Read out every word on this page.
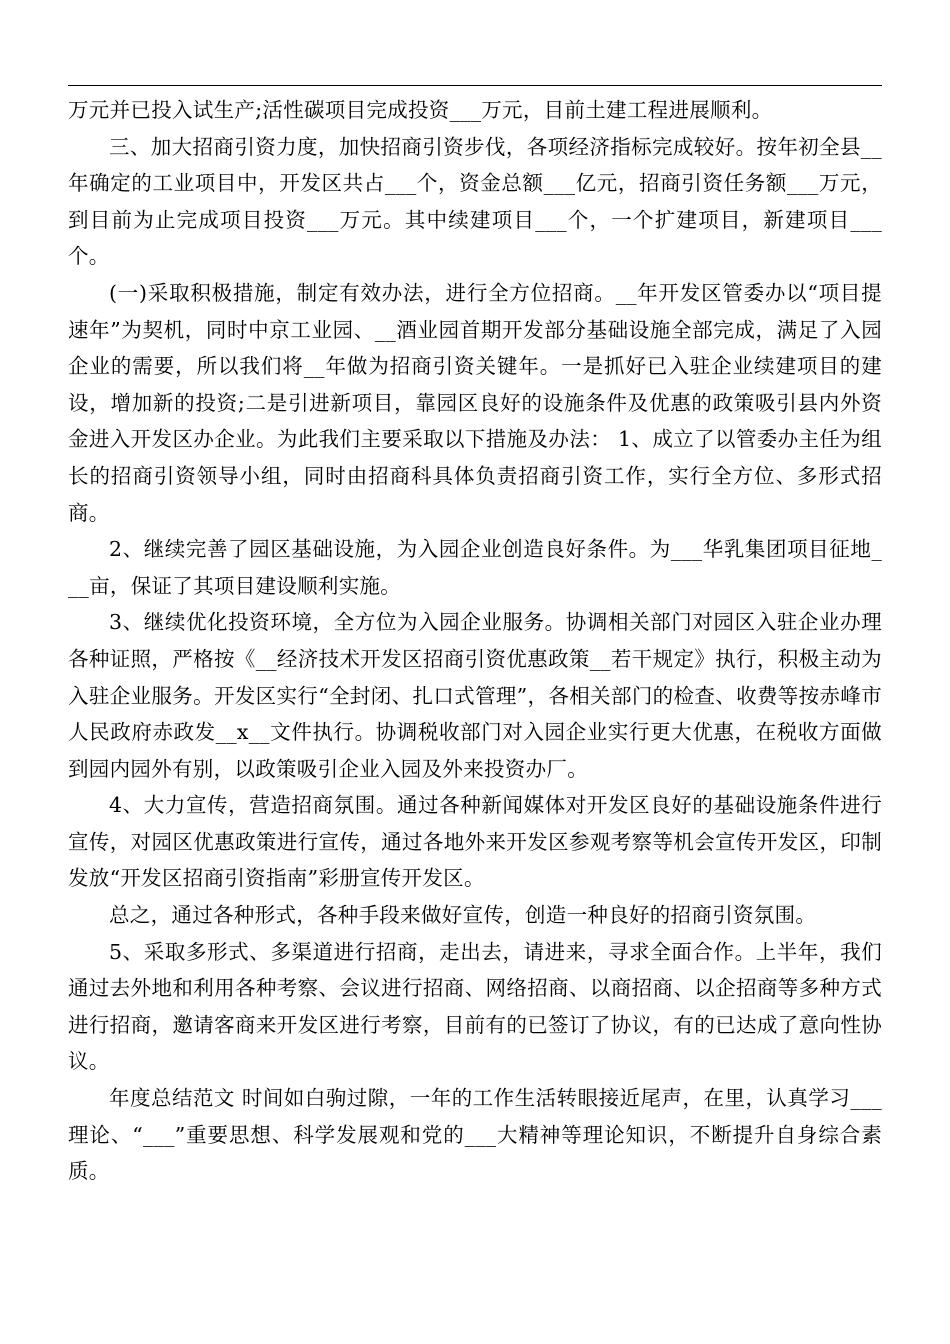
万元并已投入试生产;活性碳项目完成投资___万元，目前土建工程进展顺利。

三、加大招商引资力度，加快招商引资步伐，各项经济指标完成较好。按年初全县__年确定的工业项目中，开发区共占___个，资金总额___亿元，招商引资任务额___万元，到目前为止完成项目投资___万元。其中续建项目___个，一个扩建项目，新建项目___个。

(一)采取积极措施，制定有效办法，进行全方位招商。__年开发区管委办以“项目提速年”为契机，同时中京工业园、__酒业园首期开发部分基础设施全部完成，满足了入园企业的需要，所以我们将__年做为招商引资关键年。一是抓好已入驻企业续建项目的建设，增加新的投资;二是引进新项目，靠园区良好的设施条件及优惠的政策吸引县内外资金进入开发区办企业。为此我们主要采取以下措施及办法： 1、成立了以管委办主任为组长的招商引资领导小组，同时由招商科具体负责招商引资工作，实行全方位、多形式招商。

2、继续完善了园区基础设施，为入园企业创造良好条件。为___华乳集团项目征地___亩，保证了其项目建设顺利实施。

3、继续优化投资环境，全方位为入园企业服务。协调相关部门对园区入驻企业办理各种证照，严格按《__经济技术开发区招商引资优惠政策__若干规定》执行，积极主动为入驻企业服务。开发区实行“全封闭、扎口式管理”，各相关部门的检查、收费等按赤峰市人民政府赤政发__x__文件执行。协调税收部门对入园企业实行更大优惠，在税收方面做到园内园外有别，以政策吸引企业入园及外来投资办厂。

4、大力宣传，营造招商氛围。通过各种新闻媒体对开发区良好的基础设施条件进行宣传，对园区优惠政策进行宣传，通过各地外来开发区参观考察等机会宣传开发区，印制发放“开发区招商引资指南”彩册宣传开发区。

总之，通过各种形式，各种手段来做好宣传，创造一种良好的招商引资氛围。

5、采取多形式、多渠道进行招商，走出去，请进来，寻求全面合作。上半年，我们通过去外地和利用各种考察、会议进行招商、网络招商、以商招商、以企招商等多种方式进行招商，邀请客商来开发区进行考察，目前有的已签订了协议，有的已达成了意向性协议。

年度总结范文 时间如白驹过隙，一年的工作生活转眼接近尾声，在里，认真学习___理论、“___”重要思想、科学发展观和党的___大精神等理论知识，不断提升自身综合素质。
